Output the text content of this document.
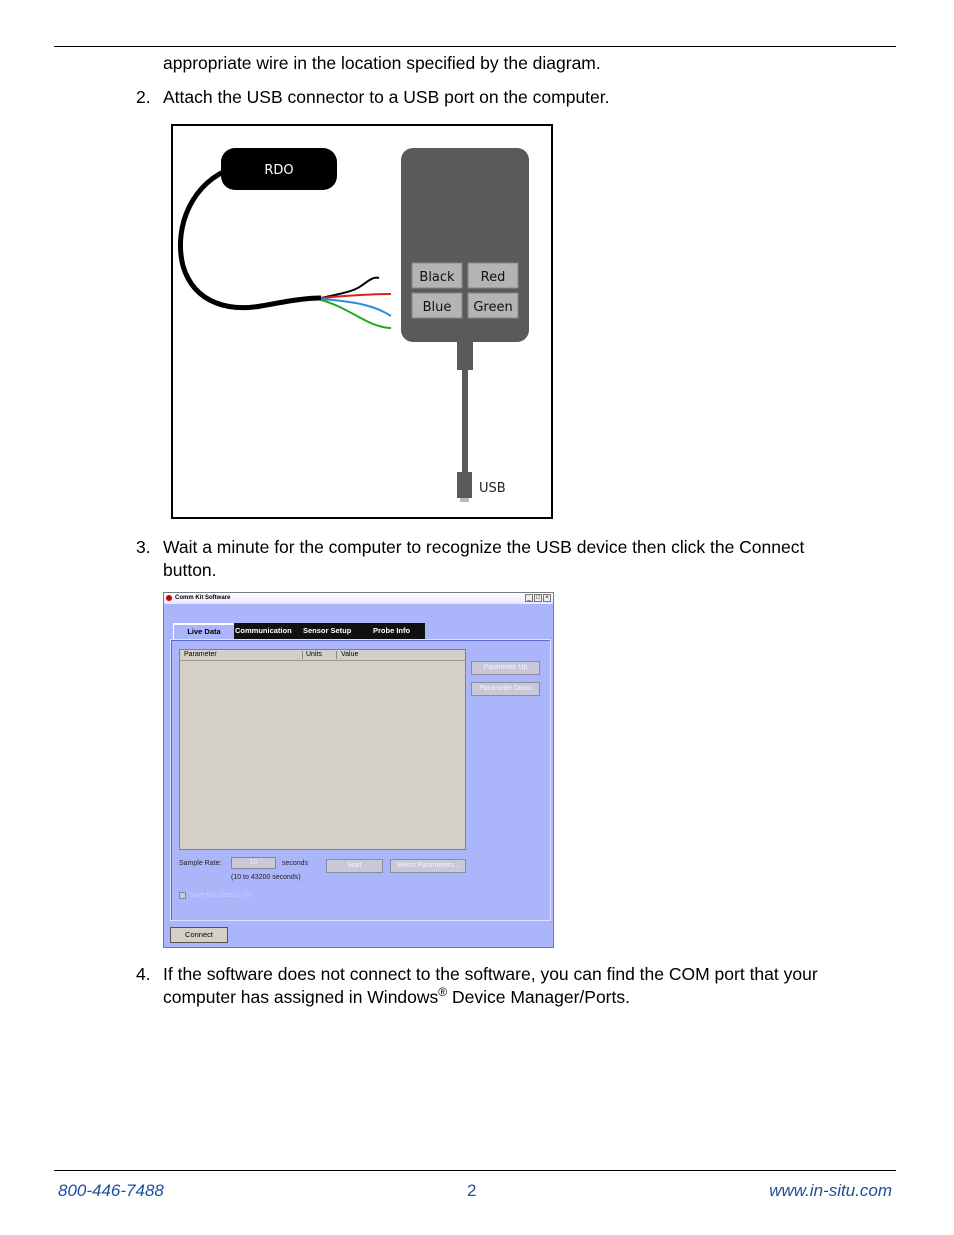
appropriate wire in the location specified by the diagram.

2. Attach the USB connector to a USB port on the computer.

RDO
Black Red
Blue Green
USB
3. Wait a minute for the computer to recognize the USB device then click the Connect

button.

Comm Kit Software	_ □ ×
Live Data	Communication Sensor Setup	Probe Info
Parameter	Units	Value
Parameter Up
Parameter Down
Sample Rate:	10	seconds
(10 to 43200 seconds)
Start	Select Parameters...
Save live data to file
Connect
4. If the software does not connect to the software, you can find the COM port that your

computer has assigned in Windows® Device Manager/Ports.

800-446-7488	2	www.in-situ.com
